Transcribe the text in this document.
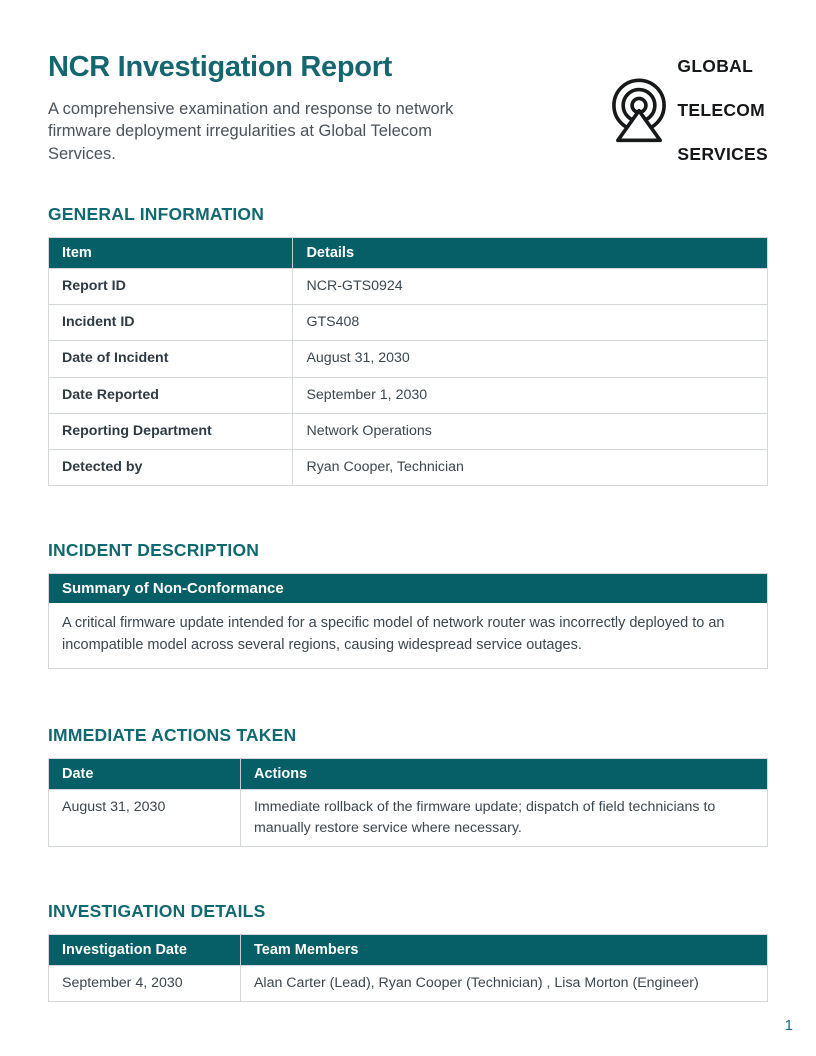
NCR Investigation Report

A comprehensive examination and response to network firmware deployment irregularities at Global Telecom Services.

GLOBAL

TELECOM

SERVICES

GENERAL INFORMATION
Item	Details
Report ID	NCR-GTS0924
Incident ID	GTS408
Date of Incident	August 31, 2030
Date Reported	September 1, 2030
Reporting Department	Network Operations
Detected by	Ryan Cooper, Technician
INCIDENT DESCRIPTION
Summary of Non-Conformance
A critical firmware update intended for a specific model of network router was incorrectly deployed to an incompatible model across several regions, causing widespread service outages.
IMMEDIATE ACTIONS TAKEN
Date	Actions
August 31, 2030	Immediate rollback of the firmware update; dispatch of field technicians to manually restore service where necessary.
INVESTIGATION DETAILS
Investigation Date	Team Members
September 4, 2030	Alan Carter (Lead), Ryan Cooper (Technician) , Lisa Morton (Engineer)
1
